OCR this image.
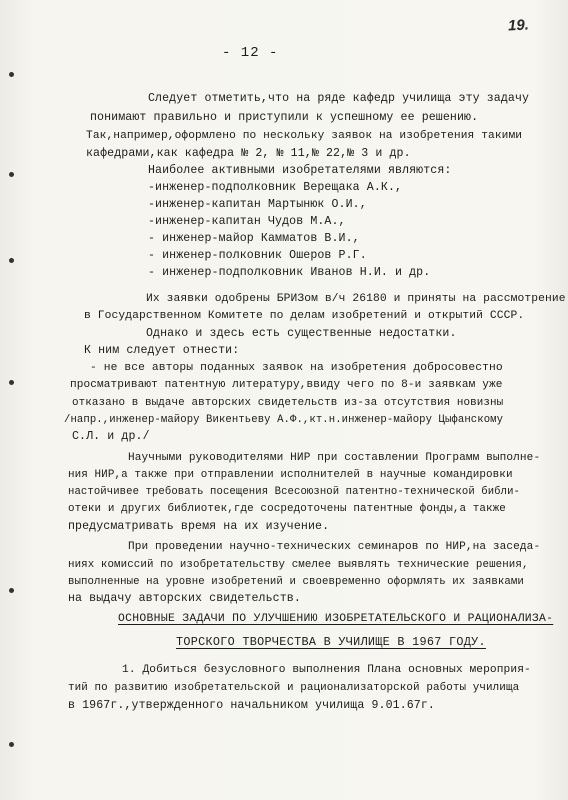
19.
- 12 -
Следует отметить,что на ряде кафедр училища эту задачу
понимают правильно и приступили к успешному ее решению.
Так,например,оформлено по нескольку заявок на изобретения такими
кафедрами,как кафедра № 2, № 11,№ 22,№ 3 и др.
Наиболее активными изобретателями являются:
-инженер-подполковник Верещака А.К.,
-инженер-капитан Мартынюк О.И.,
-инженер-капитан Чудов М.А.,
- инженер-майор Камматов В.И.,
- инженер-полковник Ошеров Р.Г.
- инженер-подполковник Иванов Н.И. и др.
Их заявки одобрены БРИЗом в/ч 26180 и приняты на рассмотрение
в Государственном Комитете по делам изобретений и открытий СССР.
Однако и здесь есть существенные недостатки.
К ним следует отнести:
- не все авторы поданных заявок на изобретения добросовестно
просматривают патентную литературу,ввиду чего по 8-и заявкам уже
отказано в выдаче авторских свидетельств из-за отсутствия новизны
/напр.,инженер-майору Викентьеву А.Ф.,кт.н.инженер-майору Цыфанскому
С.Л. и др./
Научными руководителями НИР при составлении Программ выполне-
ния НИР,а также при отправлении исполнителей в научные командировки
настойчивее требовать посещения Всесоюзной патентно-технической библи-
отеки и других библиотек,где сосредоточены патентные фонды,а также
предусматривать время на их изучение.
При проведении научно-технических семинаров по НИР,на заседа-
ниях комиссий по изобретательству смелее выявлять технические решения,
выполненные на уровне изобретений и своевременно оформлять их заявками
на выдачу авторских свидетельств.
ОСНОВНЫЕ ЗАДАЧИ ПО УЛУЧШЕНИЮ ИЗОБРЕТАТЕЛЬСКОГО И РАЦИОНАЛИЗА-
ТОРСКОГО ТВОРЧЕСТВА В УЧИЛИЩЕ В 1967 ГОДУ.
1. Добиться безусловного выполнения Плана основных мероприя-
тий по развитию изобретательской и рационализаторской работы училища
в 1967г.,утвержденного начальником училища 9.01.67г.
